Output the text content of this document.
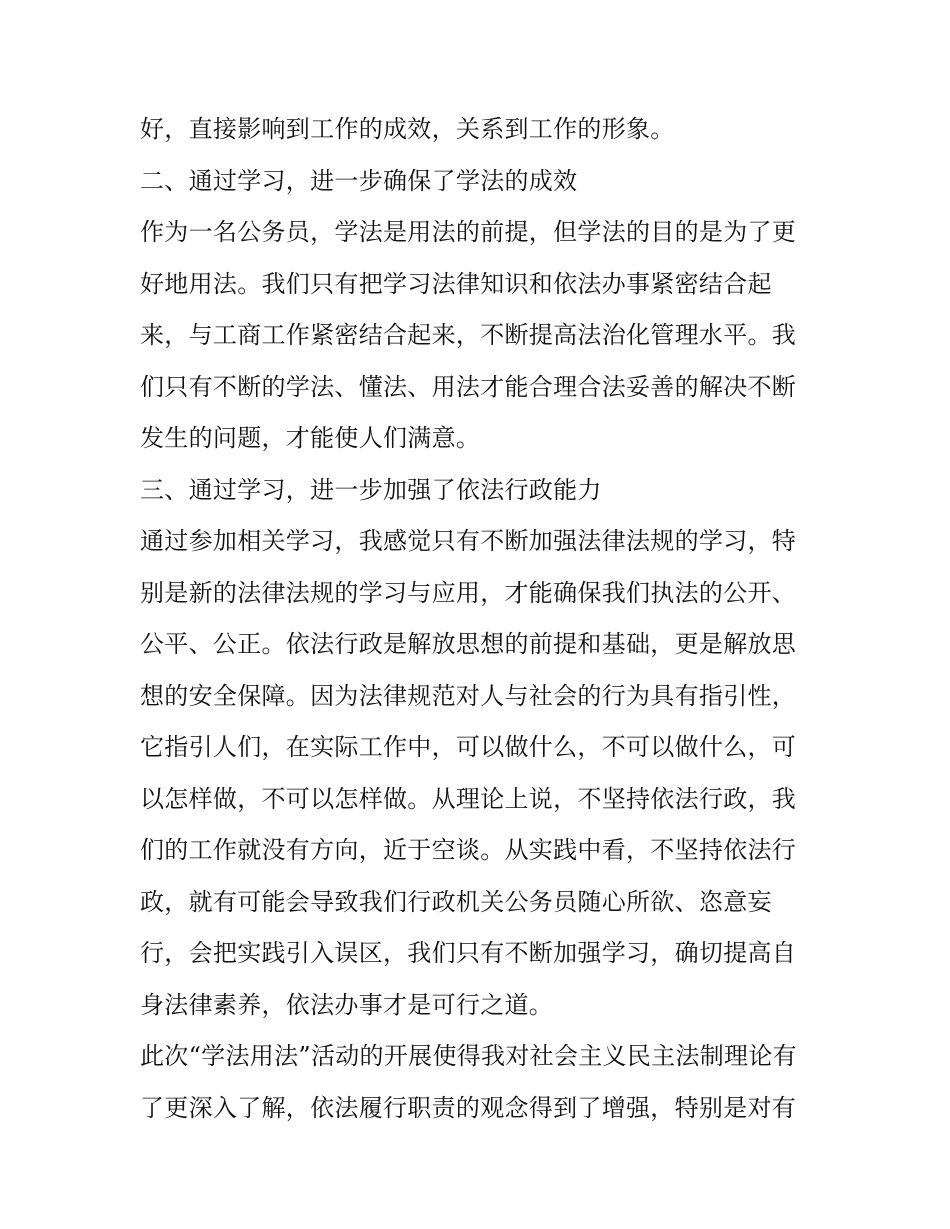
好，直接影响到工作的成效，关系到工作的形象。
二、通过学习，进一步确保了学法的成效
作为一名公务员，学法是用法的前提，但学法的目的是为了更
好地用法。我们只有把学习法律知识和依法办事紧密结合起
来，与工商工作紧密结合起来，不断提高法治化管理水平。我
们只有不断的学法、懂法、用法才能合理合法妥善的解决不断
发生的问题，才能使人们满意。
三、通过学习，进一步加强了依法行政能力
通过参加相关学习，我感觉只有不断加强法律法规的学习，特
别是新的法律法规的学习与应用，才能确保我们执法的公开、
公平、公正。依法行政是解放思想的前提和基础，更是解放思
想的安全保障。因为法律规范对人与社会的行为具有指引性，
它指引人们，在实际工作中，可以做什么，不可以做什么，可
以怎样做，不可以怎样做。从理论上说，不坚持依法行政，我
们的工作就没有方向，近于空谈。从实践中看，不坚持依法行
政，就有可能会导致我们行政机关公务员随心所欲、恣意妄
行，会把实践引入误区，我们只有不断加强学习，确切提高自
身法律素养，依法办事才是可行之道。
此次“学法用法”活动的开展使得我对社会主义民主法制理论有
了更深入了解，依法履行职责的观念得到了增强，特别是对有
